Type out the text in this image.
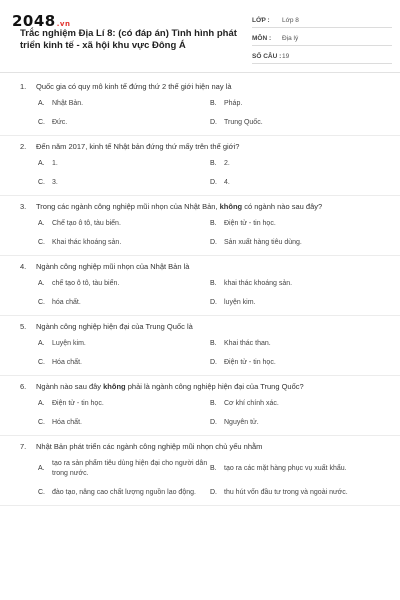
2048.vn
Trắc nghiệm Địa Lí 8: (có đáp án) Tình hình phát triển kinh tế - xã hội khu vực Đông Á
LỚP :	Lớp 8
MÔN :	Địa lý
SỐ CÂU : 19
1.	Quốc gia có quy mô kinh tế đứng thứ 2 thế giới hiện nay là
A.	Nhật Bản.	B.	Pháp.
C.	Đức.	D.	Trung Quốc.
2.	Đến năm 2017, kinh tế Nhật bản đứng thứ mấy trên thế giới?
A.	1.	B.	2.
C.	3.	D.	4.
3.	Trong các ngành công nghiệp mũi nhọn của Nhật Bản, không có ngành nào sau đây?
A.	Chế tạo ô tô, tàu biển.	B.	Điện tử - tin học.
C.	Khai thác khoáng sản.	D.	Sản xuất hàng tiêu dùng.
4.	Ngành công nghiệp mũi nhọn của Nhật Bản là
A.	chế tạo ô tô, tàu biển.	B.	khai thác khoáng sản.
C.	hóa chất.	D.	luyện kim.
5.	Ngành công nghiệp hiện đại của Trung Quốc là
A.	Luyện kim.	B.	Khai thác than.
C.	Hóa chất.	D.	Điện tử - tin học.
6.	Ngành nào sau đây không phải là ngành công nghiệp hiện đại của Trung Quốc?
A.	Điện tử - tin học.	B.	Cơ khí chính xác.
C.	Hóa chất.	D.	Nguyên tử.
7.	Nhật Bản phát triển các ngành công nghiệp mũi nhọn chủ yếu nhằm
A.
tạo ra sản phẩm tiêu dùng hiện đại cho người dân trong nước.
B.	tạo ra các mặt hàng phục vụ xuất khẩu.
C.	đào tạo, nâng cao chất lượng nguồn lao động.	D.	thu hút vốn đầu tư trong và ngoài nước.
